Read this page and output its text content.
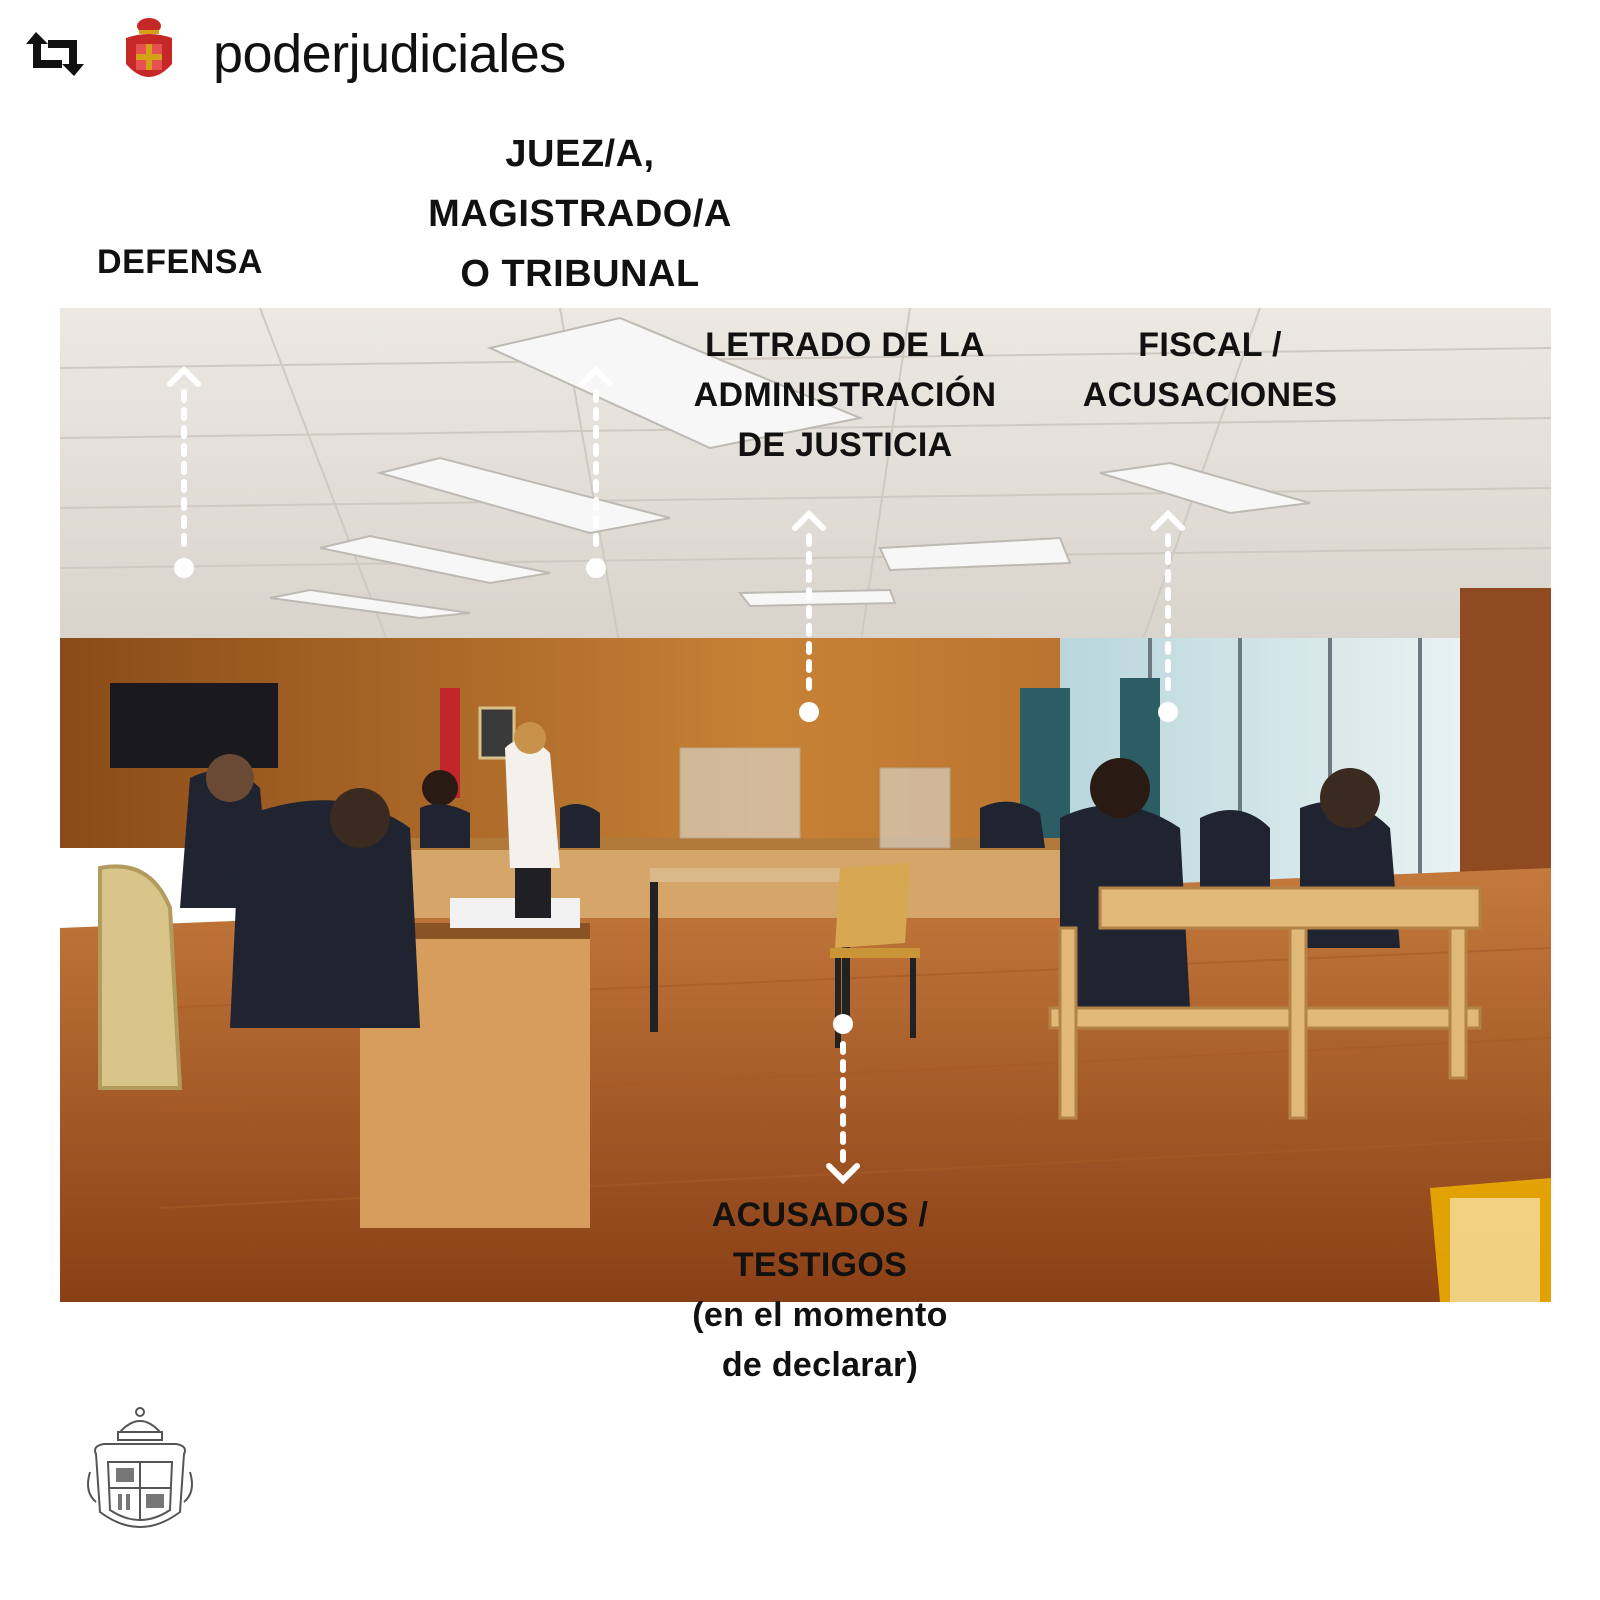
poderjudiciales
JUEZ/A,
MAGISTRADO/A
O TRIBUNAL
DEFENSA
LETRADO DE LA
ADMINISTRACIÓN
DE JUSTICIA
FISCAL /
ACUSACIONES
ACUSADOS /
TESTIGOS
(en el momento
de declarar)
